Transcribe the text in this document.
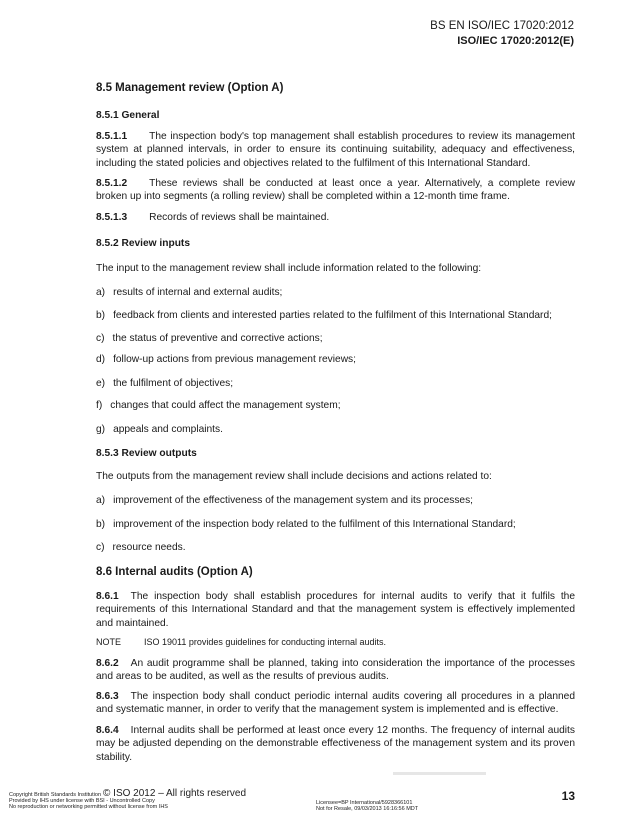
BS EN ISO/IEC 17020:2012
ISO/IEC 17020:2012(E)
8.5 Management review (Option A)
8.5.1 General
8.5.1.1 The inspection body's top management shall establish procedures to review its management system at planned intervals, in order to ensure its continuing suitability, adequacy and effectiveness, including the stated policies and objectives related to the fulfilment of this International Standard.
8.5.1.2 These reviews shall be conducted at least once a year. Alternatively, a complete review broken up into segments (a rolling review) shall be completed within a 12-month time frame.
8.5.1.3 Records of reviews shall be maintained.
8.5.2 Review inputs
The input to the management review shall include information related to the following:
a) results of internal and external audits;
b) feedback from clients and interested parties related to the fulfilment of this International Standard;
c) the status of preventive and corrective actions;
d) follow-up actions from previous management reviews;
e) the fulfilment of objectives;
f) changes that could affect the management system;
g) appeals and complaints.
8.5.3 Review outputs
The outputs from the management review shall include decisions and actions related to:
a) improvement of the effectiveness of the management system and its processes;
b) improvement of the inspection body related to the fulfilment of this International Standard;
c) resource needs.
8.6 Internal audits (Option A)
8.6.1 The inspection body shall establish procedures for internal audits to verify that it fulfils the requirements of this International Standard and that the management system is effectively implemented and maintained.
NOTE	ISO 19011 provides guidelines for conducting internal audits.
8.6.2 An audit programme shall be planned, taking into consideration the importance of the processes and areas to be audited, as well as the results of previous audits.
8.6.3 The inspection body shall conduct periodic internal audits covering all procedures in a planned and systematic manner, in order to verify that the management system is implemented and is effective.
8.6.4 Internal audits shall be performed at least once every 12 months. The frequency of internal audits may be adjusted depending on the demonstrable effectiveness of the management system and its proven stability.
Copyright British Standards Institution © ISO 2012 – All rights reserved
Provided by IHS under license with BSI - Uncontrolled Copy
No reproduction or networking permitted without license from IHS
Licensee=BP International/5928366101
Not for Resale, 09/03/2013 16:16:56 MDT
13
